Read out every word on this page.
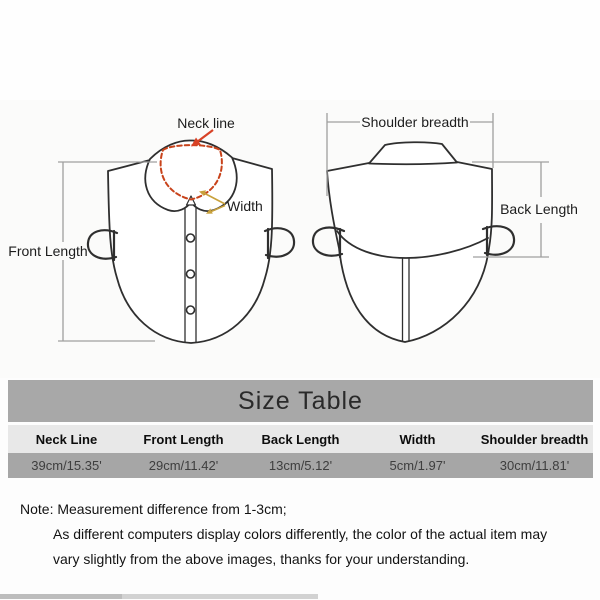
Front Length
Neck line
Width
Shoulder breadth
Back Length
Size Table
Neck Line	Front Length	Back Length	Width	Shoulder breadth
39cm/15.35'	29cm/11.42'	13cm/5.12'	5cm/1.97'	30cm/11.81'
Note: Measurement difference from 1-3cm;
As different computers display colors differently, the color of the actual item may
vary slightly from the above images, thanks for your understanding.
